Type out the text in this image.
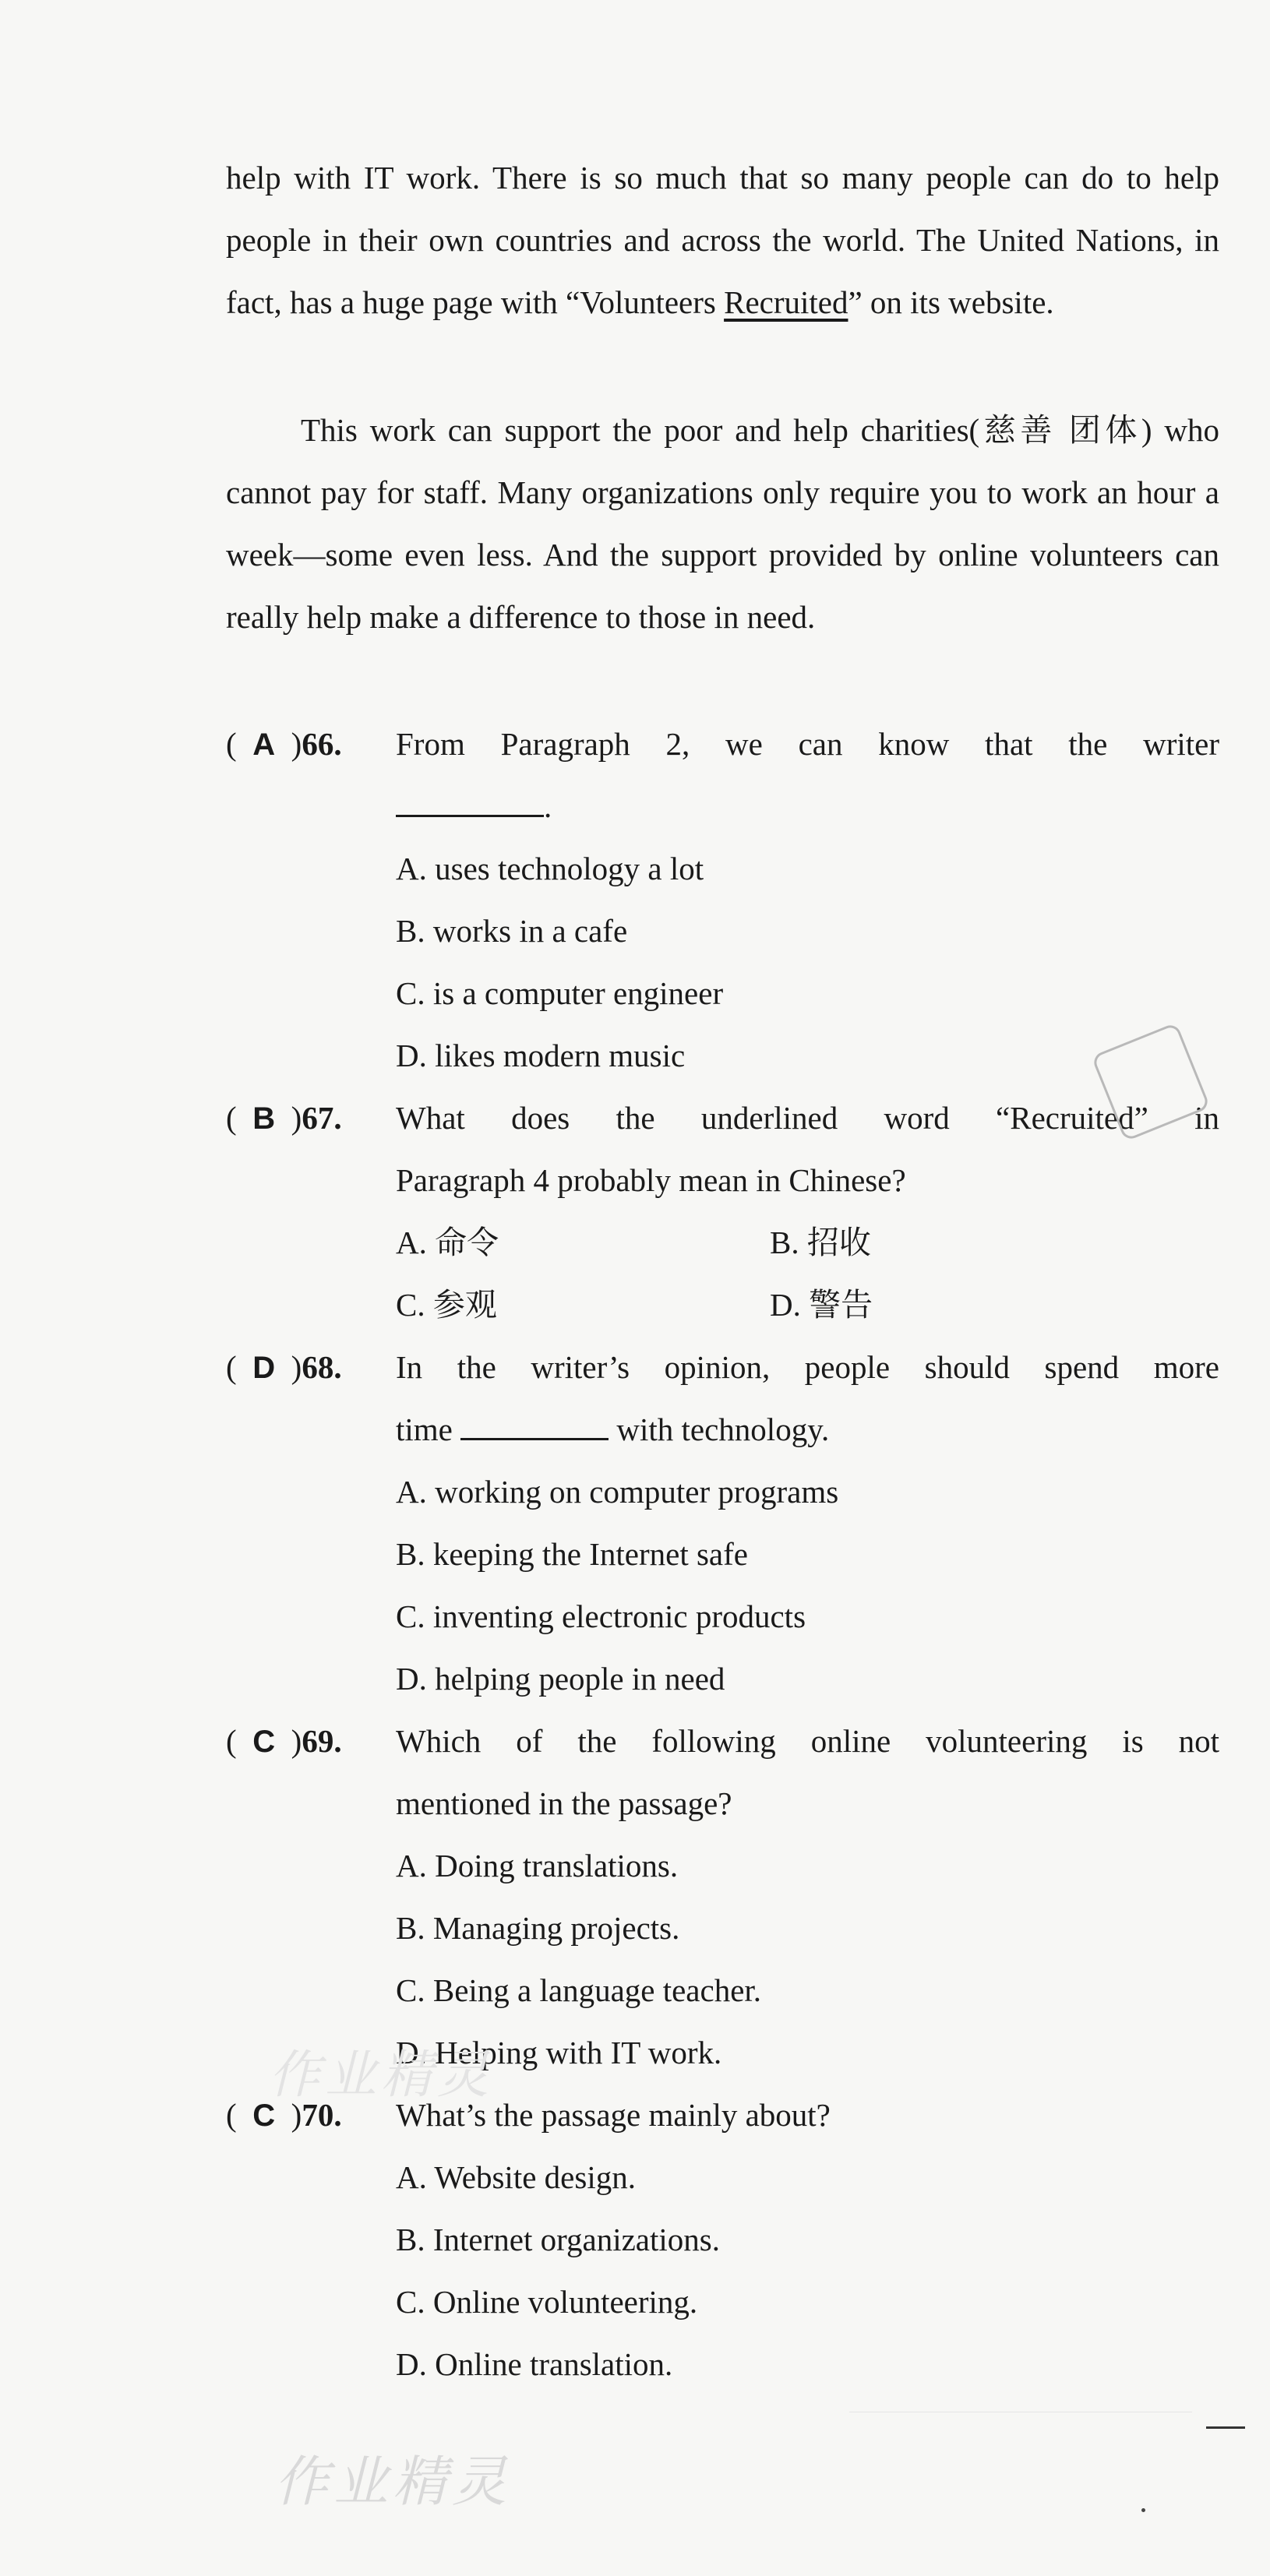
help with IT work. There is so much that so many people can do to help people in their own countries and across the world. The United Nations, in fact, has a huge page with “Volunteers Recruited” on its website.

This work can support the poor and help charities(慈善 团体) who cannot pay for staff. Many organizations only require you to work an hour a week—some even less. And the support provided by online volunteers can really help make a difference to those in need.

( A )66.	From Paragraph 2, we can know that the writer
.
A. uses technology a lot
B. works in a cafe
C. is a computer engineer
D. likes modern music
( B )67.	What does the underlined word “Recruited” in
Paragraph 4 probably mean in Chinese?
A. 命令	B. 招收
C. 参观	D. 警告
( D )68.	In the writer’s opinion, people should spend more
time	with technology.
A. working on computer programs
B. keeping the Internet safe
C. inventing electronic products
D. helping people in need
( C )69.	Which of the following online volunteering is not
mentioned in the passage?
A. Doing translations.
B. Managing projects.
C. Being a language teacher.
D. Helping with IT work.
( C )70.	What’s the passage mainly about?
A. Website design.
B. Internet organizations.
C. Online volunteering.
D. Online translation.
作业精灵
作业精灵
